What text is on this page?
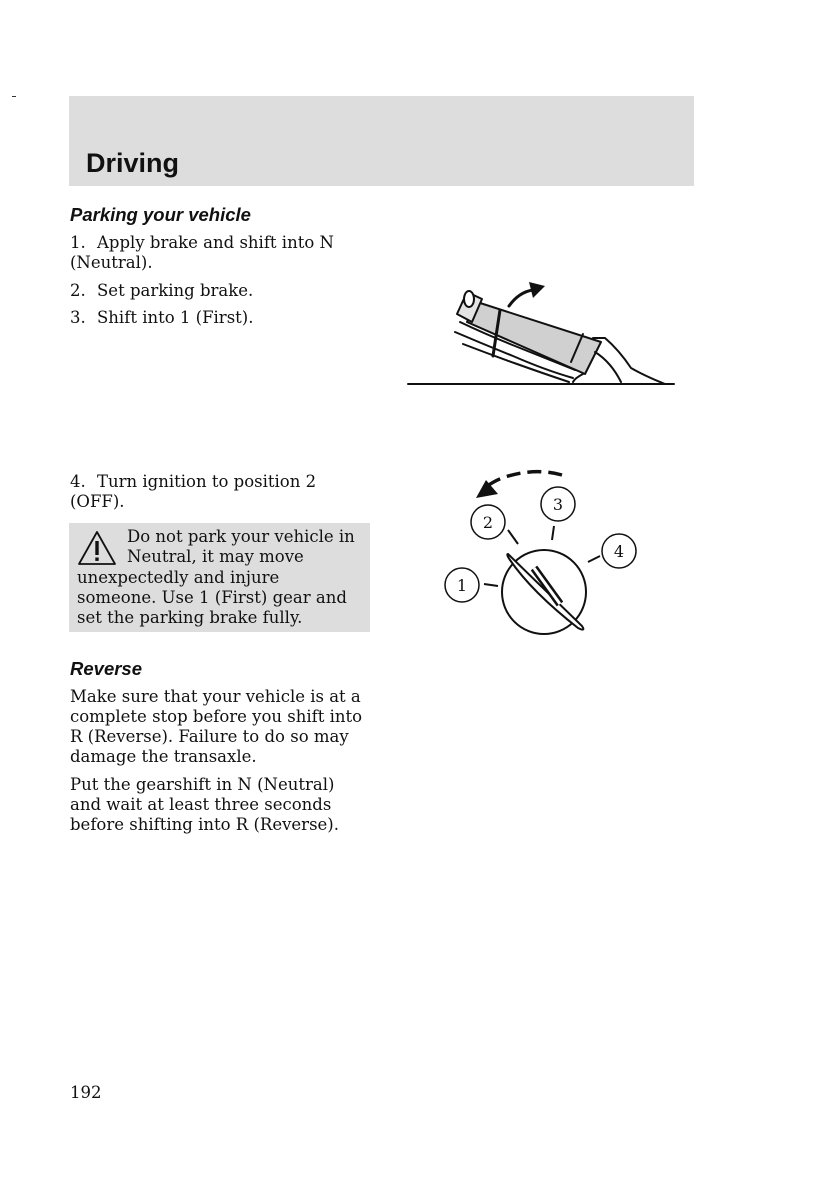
Driving
Parking your vehicle

1. Apply brake and shift into N (Neutral).

2. Set parking brake.

3. Shift into 1 (First).

4. Turn ignition to position 2 (OFF).

1
2
3
4

Do not park your vehicle in Neutral, it may move unexpectedly and injure someone. Use 1 (First) gear and set the parking brake fully.

Reverse

Make sure that your vehicle is at a complete stop before you shift into R (Reverse). Failure to do so may damage the transaxle.

Put the gearshift in N (Neutral) and wait at least three seconds before shifting into R (Reverse).

192
